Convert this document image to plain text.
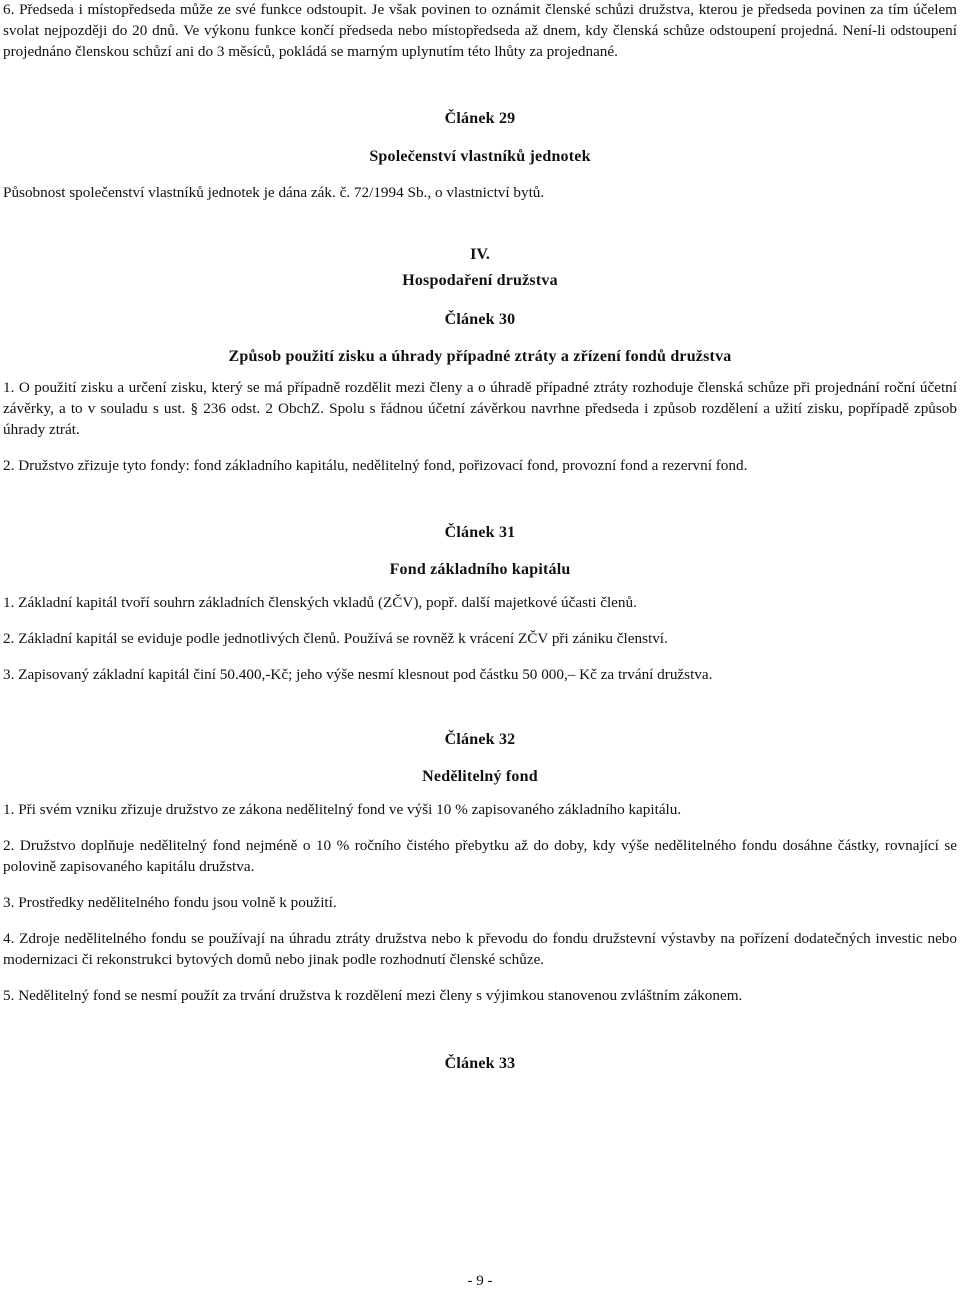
6. Předseda i místopředseda může ze své funkce odstoupit. Je však povinen to oznámit členské schůzi družstva, kterou je předseda povinen za tím účelem svolat nejpozději do 20 dnů. Ve výkonu funkce končí předseda nebo místopředseda až dnem, kdy členská schůze odstoupení projedná. Není-li odstoupení projednáno členskou schůzí ani do 3 měsíců, pokládá se marným uplynutím této lhůty za projednané.

Článek 29

Společenství vlastníků jednotek

Působnost společenství vlastníků jednotek je dána zák. č. 72/1994 Sb., o vlastnictví bytů.

IV.

Hospodaření družstva

Článek 30

Způsob použití zisku a úhrady případné ztráty a zřízení fondů družstva

1. O použití zisku a určení zisku, který se má případně rozdělit mezi členy a o úhradě případné ztráty rozhoduje členská schůze při projednání roční účetní závěrky, a to v souladu s ust. § 236 odst. 2 ObchZ. Spolu s řádnou účetní závěrkou navrhne předseda i způsob rozdělení a užití zisku, popřípadě způsob úhrady ztrát.

2. Družstvo zřizuje tyto fondy: fond základního kapitálu, nedělitelný fond, pořizovací fond, provozní fond a rezervní fond.

Článek 31

Fond základního kapitálu

1. Základní kapitál tvoří souhrn základních členských vkladů (ZČV), popř. další majetkové účasti členů.

2. Základní kapitál se eviduje podle jednotlivých členů. Používá se rovněž k vrácení ZČV při zániku členství.

3. Zapisovaný základní kapitál činí 50.400,-Kč; jeho výše nesmí klesnout pod částku 50 000,– Kč za trvání družstva.

Článek 32

Nedělitelný fond

1. Při svém vzniku zřizuje družstvo ze zákona nedělitelný fond ve výši 10 % zapisovaného základního kapitálu.

2. Družstvo doplňuje nedělitelný fond nejméně o 10 % ročního čistého přebytku až do doby, kdy výše nedělitelného fondu dosáhne částky, rovnající se polovině zapisovaného kapitálu družstva.

3. Prostředky nedělitelného fondu jsou volně k použití.

4. Zdroje nedělitelného fondu se používají na úhradu ztráty družstva nebo k převodu do fondu družstevní výstavby na pořízení dodatečných investic nebo modernizaci či rekonstrukci bytových domů nebo jinak podle rozhodnutí členské schůze.

5. Nedělitelný fond se nesmí použít za trvání družstva k rozdělení mezi členy s výjimkou stanovenou zvláštním zákonem.

Článek 33

- 9 -
